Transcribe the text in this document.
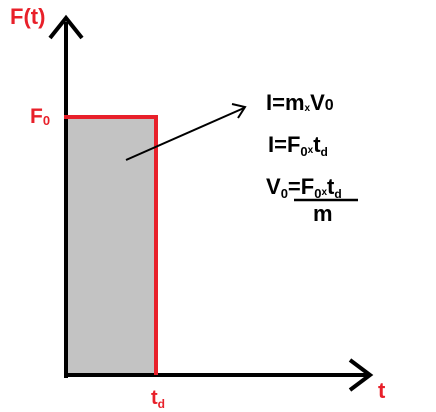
F(t)
t
F0
$t_d$
I=mxV0
I=F0xtd
V0=F0xtd
m
